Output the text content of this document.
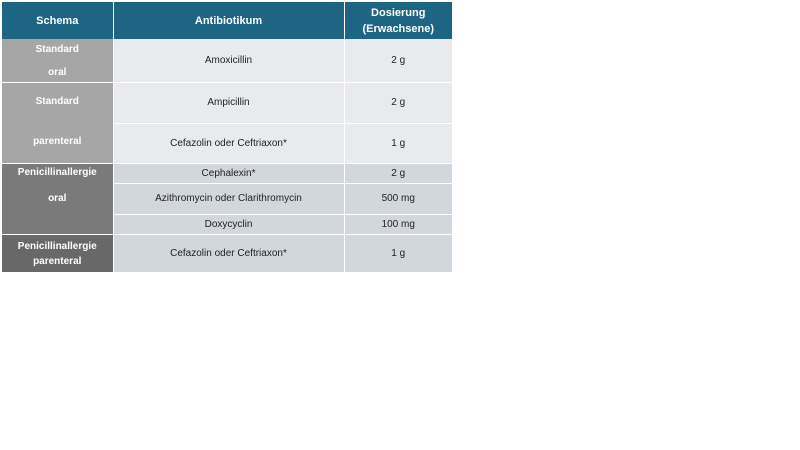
Schema	Antibiotikum	Dosierung
(Erwachsene)

Standard
oral	Amoxicillin	2 g

Standard
parenteral	Ampicillin	2 g
	Cefazolin oder Ceftriaxon*	1 g

Penicillinallergie
oral	Cephalexin*	2 g
	Azithromycin oder Clarithromycin	500 mg
	Doxycyclin	100 mg

Penicillinallergie
parenteral	Cefazolin oder Ceftriaxon*	1 g
